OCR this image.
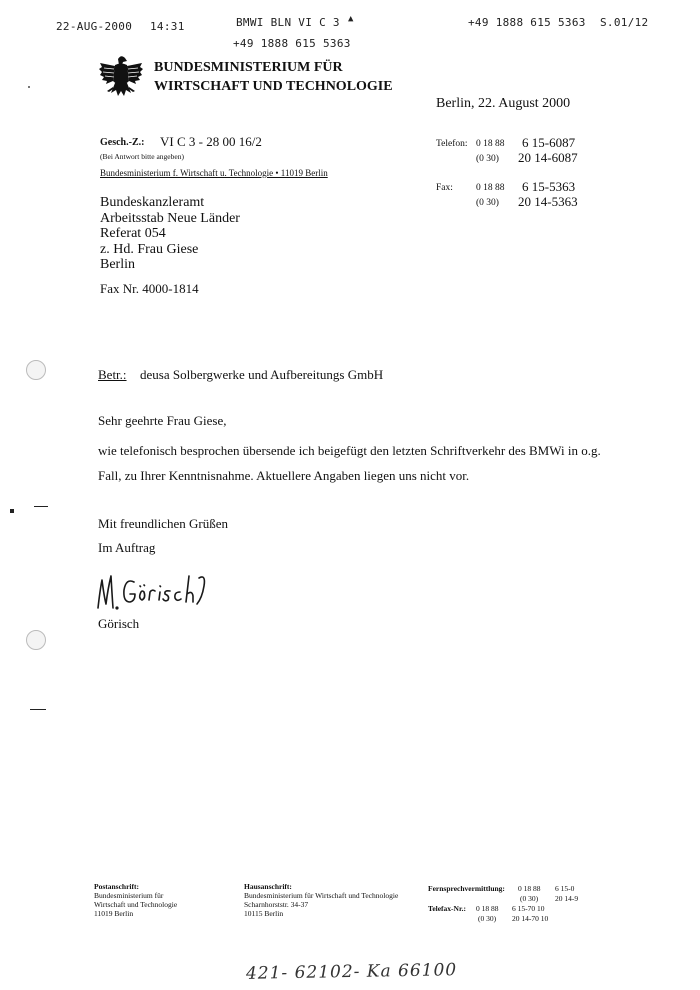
22-AUG-2000 14:31	BMWI BLN VI C 3 ▲	+49 1888 615 5363 S.01/12
+49 1888 615 5363
BUNDESMINISTERIUM FÜR
WIRTSCHAFT UND TECHNOLOGIE
Berlin, 22. August 2000
Gesch.-Z.: VI C 3 - 28 00 16/2
(Bei Antwort bitte angeben)
Bundesministerium f. Wirtschaft u. Technologie • 11019 Berlin
Telefon: 0 18 88 6 15-6087
(0 30) 20 14-6087
Fax: 0 18 88 6 15-5363
(0 30) 20 14-5363
Bundeskanzleramt
Arbeitsstab Neue Länder
Referat 054
z. Hd. Frau Giese
Berlin
Fax Nr. 4000-1814
Betr.: deusa Solbergwerke und Aufbereitungs GmbH
Sehr geehrte Frau Giese,
wie telefonisch besprochen übersende ich beigefügt den letzten Schriftverkehr des BMWi in o.g.
Fall, zu Ihrer Kenntnisnahme. Aktuellere Angaben liegen uns nicht vor.
Mit freundlichen Grüßen
Im Auftrag
Görisch
Postanschrift:
Bundesministerium für
Wirtschaft und Technologie
11019 Berlin
Hausanschrift:
Bundesministerium für Wirtschaft und Technologie
Scharnhorststr. 34-37
10115 Berlin
Fernsprechvermittlung: 0 18 88 6 15-0
(0 30) 20 14-9
Telefax-Nr.: 0 18 88 6 15-70 10
(0 30) 20 14-70 10
421- 62102- Ka 66100
